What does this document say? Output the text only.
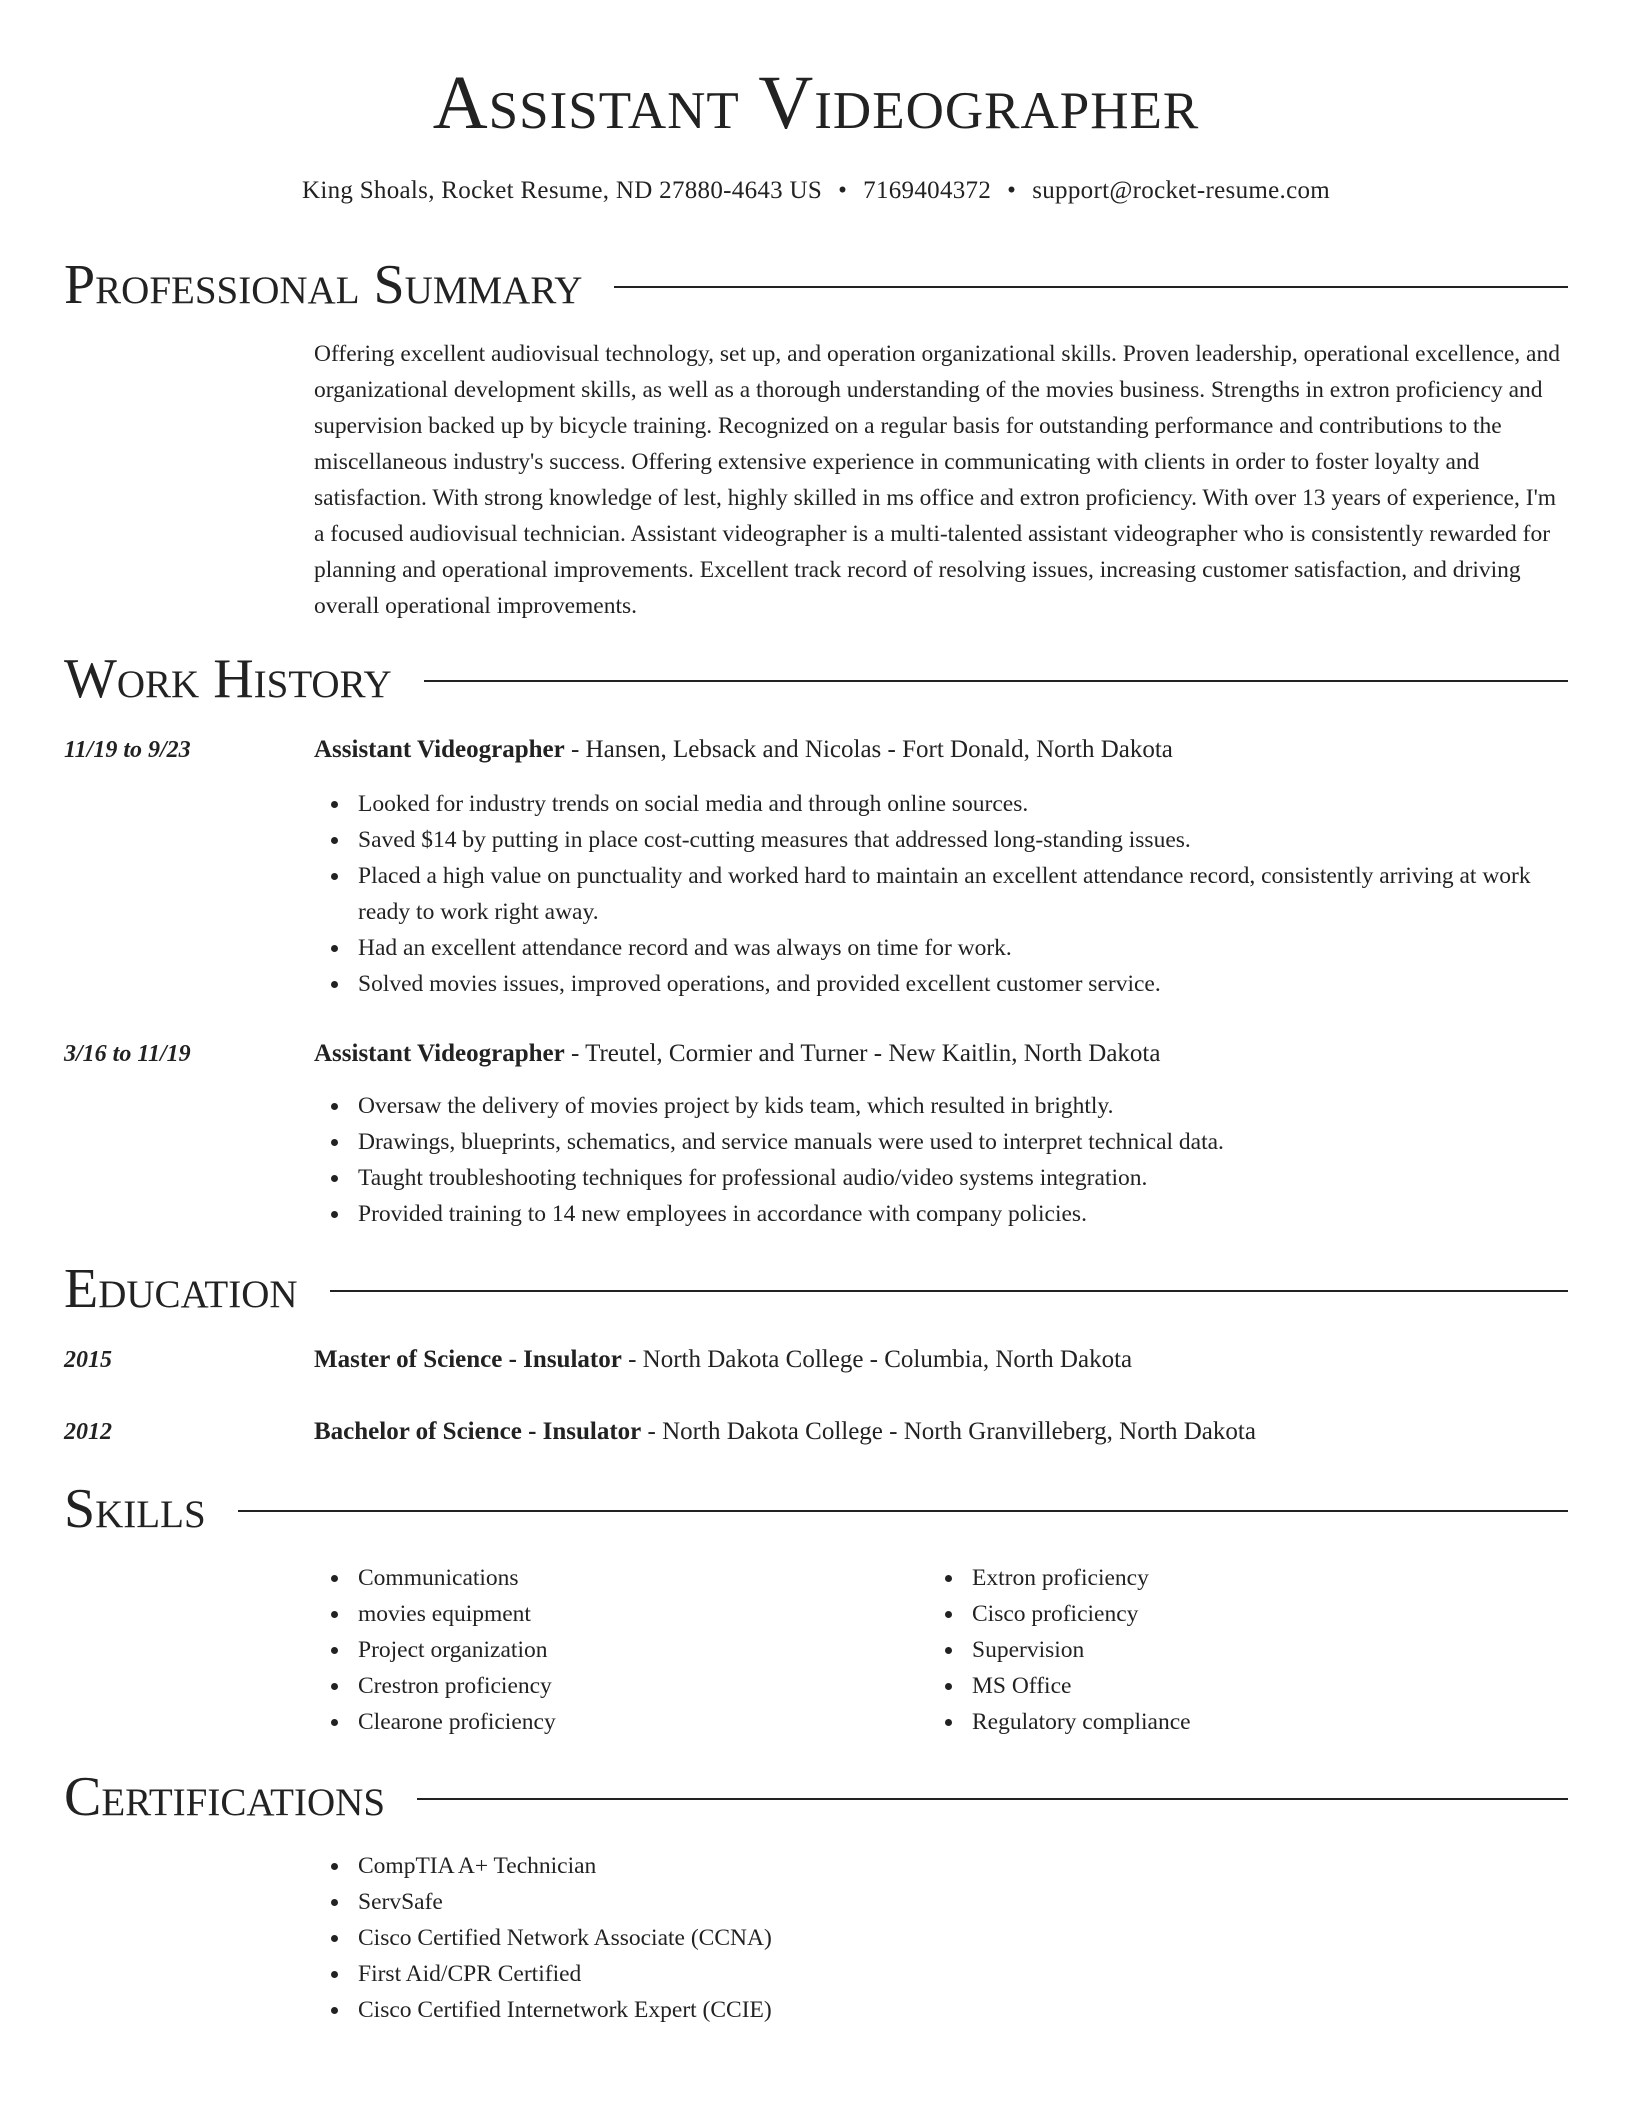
Assistant Videographer
King Shoals, Rocket Resume, ND 27880-4643 US • 7169404372 • support@rocket-resume.com
Professional Summary
Offering excellent audiovisual technology, set up, and operation organizational skills. Proven leadership, operational excellence, and organizational development skills, as well as a thorough understanding of the movies business. Strengths in extron proficiency and supervision backed up by bicycle training. Recognized on a regular basis for outstanding performance and contributions to the miscellaneous industry's success. Offering extensive experience in communicating with clients in order to foster loyalty and satisfaction. With strong knowledge of lest, highly skilled in ms office and extron proficiency. With over 13 years of experience, I'm a focused audiovisual technician. Assistant videographer is a multi-talented assistant videographer who is consistently rewarded for planning and operational improvements. Excellent track record of resolving issues, increasing customer satisfaction, and driving overall operational improvements.
Work History
11/19 to 9/23	Assistant Videographer - Hansen, Lebsack and Nicolas - Fort Donald, North Dakota
Looked for industry trends on social media and through online sources.
Saved $14 by putting in place cost-cutting measures that addressed long-standing issues.
Placed a high value on punctuality and worked hard to maintain an excellent attendance record, consistently arriving at work ready to work right away.
Had an excellent attendance record and was always on time for work.
Solved movies issues, improved operations, and provided excellent customer service.
3/16 to 11/19	Assistant Videographer - Treutel, Cormier and Turner - New Kaitlin, North Dakota
Oversaw the delivery of movies project by kids team, which resulted in brightly.
Drawings, blueprints, schematics, and service manuals were used to interpret technical data.
Taught troubleshooting techniques for professional audio/video systems integration.
Provided training to 14 new employees in accordance with company policies.
Education
2015	Master of Science - Insulator - North Dakota College - Columbia, North Dakota
2012	Bachelor of Science - Insulator - North Dakota College - North Granvilleberg, North Dakota
Skills
Communications
movies equipment
Project organization
Crestron proficiency
Clearone proficiency
Extron proficiency
Cisco proficiency
Supervision
MS Office
Regulatory compliance
Certifications
CompTIA A+ Technician
ServSafe
Cisco Certified Network Associate (CCNA)
First Aid/CPR Certified
Cisco Certified Internetwork Expert (CCIE)
